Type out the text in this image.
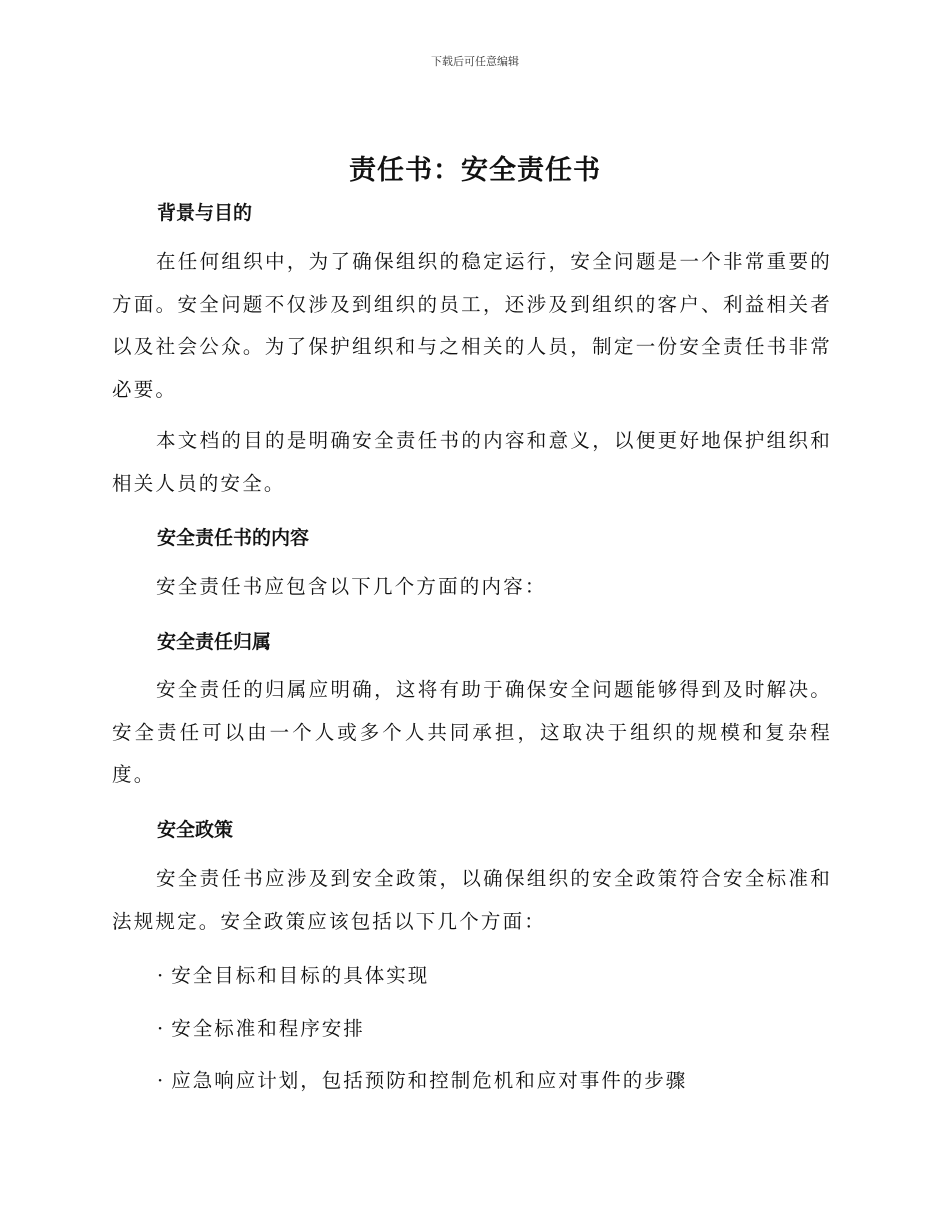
下载后可任意编辑
责任书：安全责任书
背景与目的
在任何组织中，为了确保组织的稳定运行，安全问题是一个非常重要的方面。安全问题不仅涉及到组织的员工，还涉及到组织的客户、利益相关者以及社会公众。为了保护组织和与之相关的人员，制定一份安全责任书非常必要。
本文档的目的是明确安全责任书的内容和意义，以便更好地保护组织和相关人员的安全。
安全责任书的内容
安全责任书应包含以下几个方面的内容：
安全责任归属
安全责任的归属应明确，这将有助于确保安全问题能够得到及时解决。安全责任可以由一个人或多个人共同承担，这取决于组织的规模和复杂程度。
安全政策
安全责任书应涉及到安全政策，以确保组织的安全政策符合安全标准和法规规定。安全政策应该包括以下几个方面：
· 安全目标和目标的具体实现
· 安全标准和程序安排
· 应急响应计划，包括预防和控制危机和应对事件的步骤
